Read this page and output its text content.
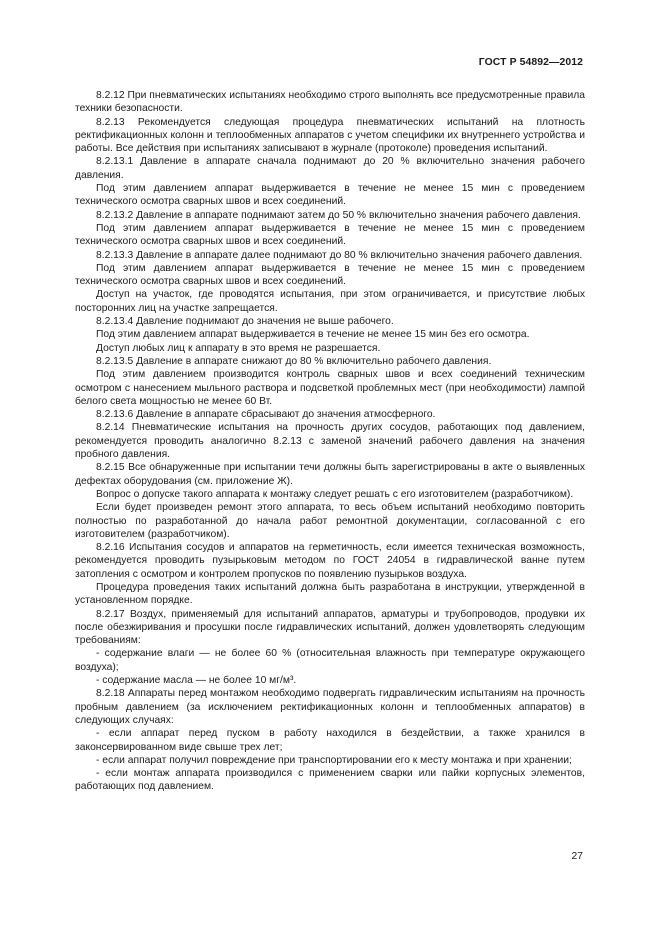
ГОСТ Р 54892—2012

8.2.12 При пневматических испытаниях необходимо строго выполнять все предусмотренные правила техники безопасности.

8.2.13 Рекомендуется следующая процедура пневматических испытаний на плотность ректификационных колонн и теплообменных аппаратов с учетом специфики их внутреннего устройства и работы. Все действия при испытаниях записывают в журнале (протоколе) проведения испытаний.

8.2.13.1 Давление в аппарате сначала поднимают до 20 % включительно значения рабочего давления.

Под этим давлением аппарат выдерживается в течение не менее 15 мин с проведением технического осмотра сварных швов и всех соединений.

8.2.13.2 Давление в аппарате поднимают затем до 50 % включительно значения рабочего давления.

Под этим давлением аппарат выдерживается в течение не менее 15 мин с проведением технического осмотра сварных швов и всех соединений.

8.2.13.3 Давление в аппарате далее поднимают до 80 % включительно значения рабочего давления.

Под этим давлением аппарат выдерживается в течение не менее 15 мин с проведением технического осмотра сварных швов и всех соединений.

Доступ на участок, где проводятся испытания, при этом ограничивается, и присутствие любых посторонних лиц на участке запрещается.

8.2.13.4 Давление поднимают до значения не выше рабочего.

Под этим давлением аппарат выдерживается в течение не менее 15 мин без его осмотра.

Доступ любых лиц к аппарату в это время не разрешается.

8.2.13.5 Давление в аппарате снижают до 80 % включительно рабочего давления.

Под этим давлением производится контроль сварных швов и всех соединений техническим осмотром с нанесением мыльного раствора и подсветкой проблемных мест (при необходимости) лампой белого света мощностью не менее 60 Вт.

8.2.13.6 Давление в аппарате сбрасывают до значения атмосферного.

8.2.14 Пневматические испытания на прочность других сосудов, работающих под давлением, рекомендуется проводить аналогично 8.2.13 с заменой значений рабочего давления на значения пробного давления.

8.2.15 Все обнаруженные при испытании течи должны быть зарегистрированы в акте о выявленных дефектах оборудования (см. приложение Ж).

Вопрос о допуске такого аппарата к монтажу следует решать с его изготовителем (разработчиком).

Если будет произведен ремонт этого аппарата, то весь объем испытаний необходимо повторить полностью по разработанной до начала работ ремонтной документации, согласованной с его изготовителем (разработчиком).

8.2.16 Испытания сосудов и аппаратов на герметичность, если имеется техническая возможность, рекомендуется проводить пузырьковым методом по ГОСТ 24054 в гидравлической ванне путем затопления с осмотром и контролем пропусков по появлению пузырьков воздуха.

Процедура проведения таких испытаний должна быть разработана в инструкции, утвержденной в установленном порядке.

8.2.17 Воздух, применяемый для испытаний аппаратов, арматуры и трубопроводов, продувки их после обезжиривания и просушки после гидравлических испытаний, должен удовлетворять следующим требованиям:

- содержание влаги — не более 60 % (относительная влажность при температуре окружающего воздуха);

- содержание масла — не более 10 мг/м³.

8.2.18 Аппараты перед монтажом необходимо подвергать гидравлическим испытаниям на прочность пробным давлением (за исключением ректификационных колонн и теплообменных аппаратов) в следующих случаях:

- если аппарат перед пуском в работу находился в бездействии, а также хранился в законсервированном виде свыше трех лет;

- если аппарат получил повреждение при транспортировании его к месту монтажа и при хранении;

- если монтаж аппарата производился с применением сварки или пайки корпусных элементов, работающих под давлением.

27
